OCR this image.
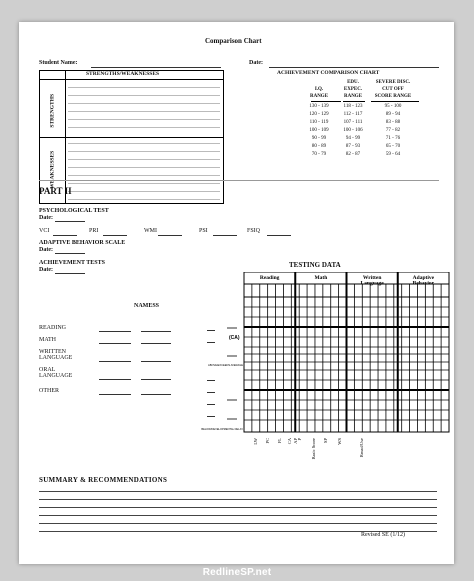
Comparison Chart
Student Name:	Date:
STRENGTHS/WEAKNESSES
STRENGTHS
WEAKNESSES
ACHIEVEMENT COMPARISON CHART
I.Q.
RANGE
EDU.
EXPEC.
RANGE
SEVERE DISC.
CUT OFF
SCORE RANGE
130 - 139	118 - 123	95 - 100
120 - 129	112 - 117	89 - 94
110 - 119	107 - 111	83 - 88
100 - 109	100 - 106	77 - 82
90 - 99	94 - 99	71 - 76
80 - 89	87 - 93	65 - 70
70 - 79	82 - 87	59 - 64
PART II
PSYCHOLOGICAL TEST
Date:
VCI	PRI	WMI	PSI	FSIQ
ADAPTIVE BEHAVIOR SCALE
Date:
ACHIEVEMENT TESTS
Date:
NAMESS
READING
MATH
WRITTEN
LANGUAGE
ORAL
LANGUAGE
OTHER
TESTING DATA
Reading	Math	Written
Language
Adaptive
Behavior
(CA)
ABOVE/EXCEEDS AVERAGE
BELOW/DEVELOPMENTAL DELAY
LW PC FL CA AP P Basic Score SP WS	Broad/Use
SUMMARY & RECOMMENDATIONS
Revised SE (1/12)
RedlineSP.net
